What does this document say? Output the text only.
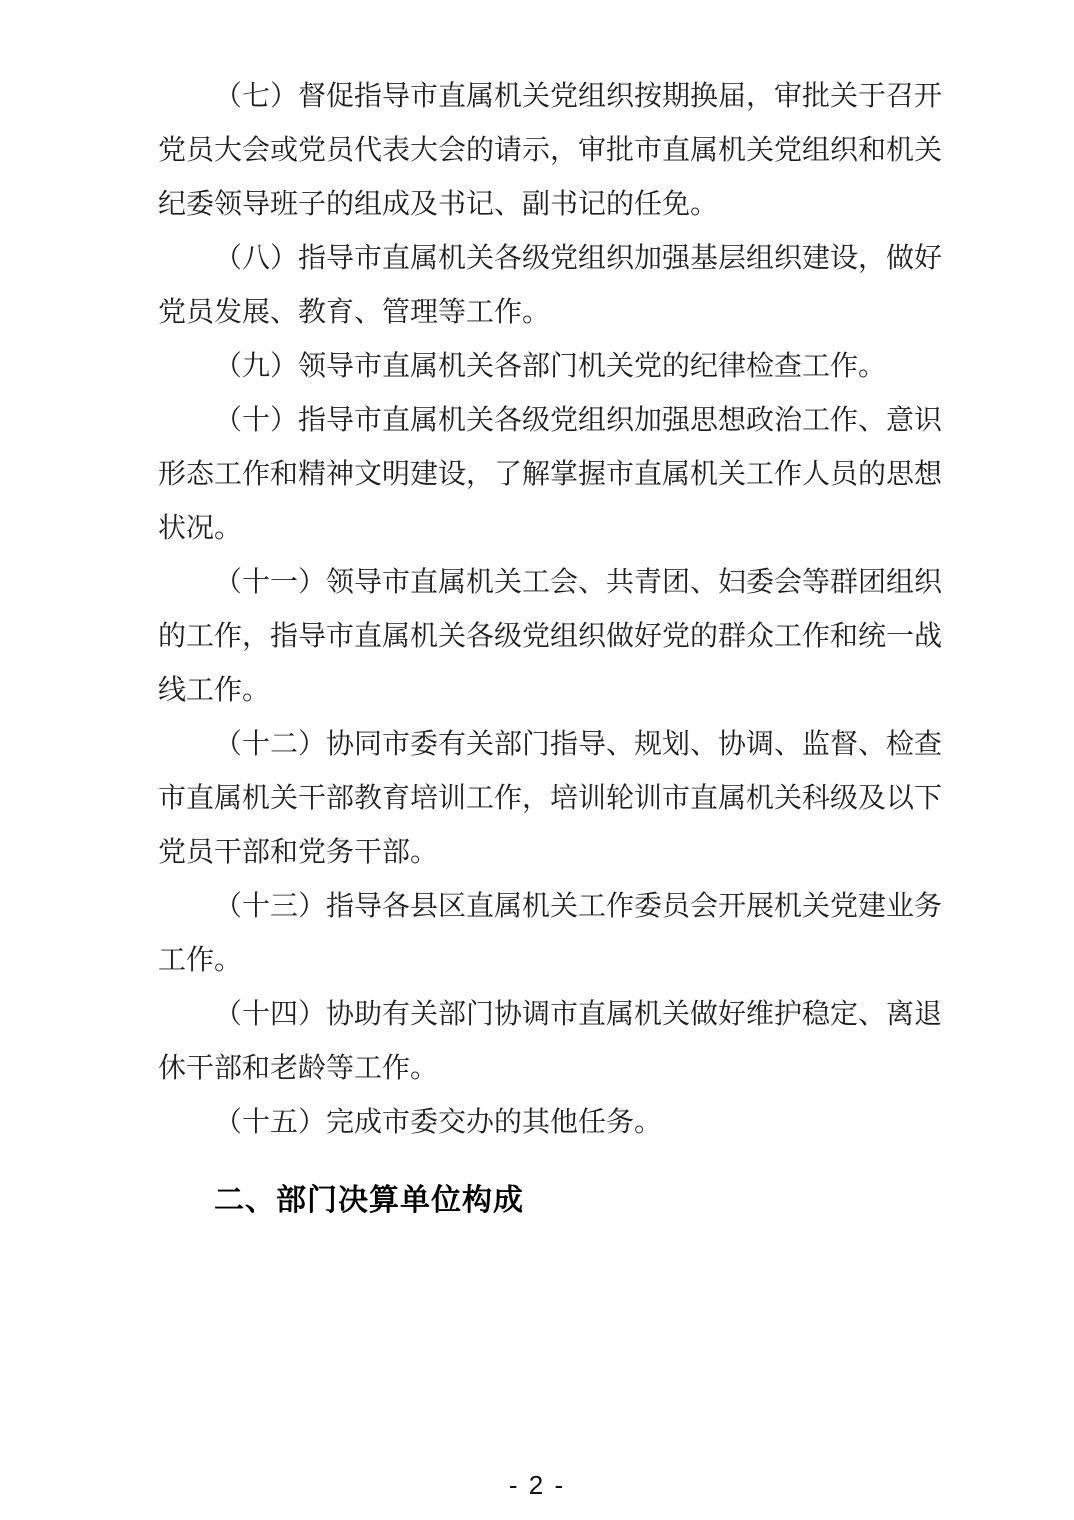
（七）督促指导市直属机关党组织按期换届，审批关于召开党员大会或党员代表大会的请示，审批市直属机关党组织和机关纪委领导班子的组成及书记、副书记的任免。

（八）指导市直属机关各级党组织加强基层组织建设，做好党员发展、教育、管理等工作。

（九）领导市直属机关各部门机关党的纪律检查工作。

（十）指导市直属机关各级党组织加强思想政治工作、意识形态工作和精神文明建设，了解掌握市直属机关工作人员的思想状况。

（十一）领导市直属机关工会、共青团、妇委会等群团组织的工作，指导市直属机关各级党组织做好党的群众工作和统一战线工作。

（十二）协同市委有关部门指导、规划、协调、监督、检查市直属机关干部教育培训工作，培训轮训市直属机关科级及以下党员干部和党务干部。

（十三）指导各县区直属机关工作委员会开展机关党建业务工作。

（十四）协助有关部门协调市直属机关做好维护稳定、离退休干部和老龄等工作。

（十五）完成市委交办的其他任务。

二、部门决算单位构成
- 2 -
